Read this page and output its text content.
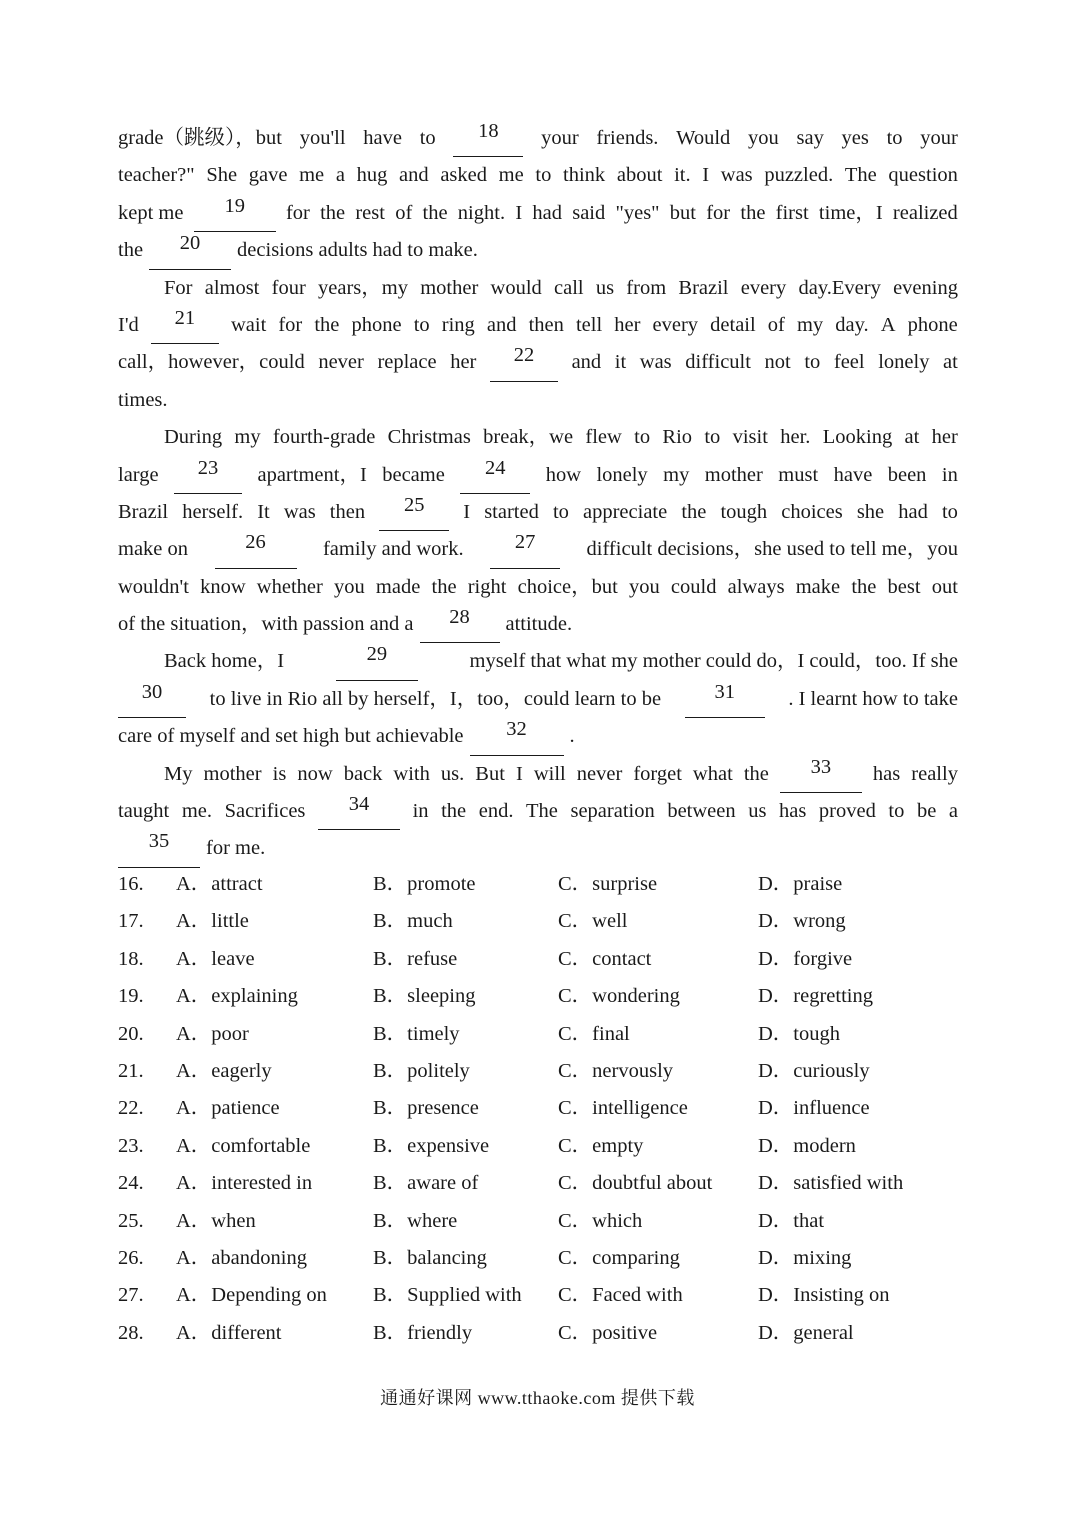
grade（跳级），but you'll have to	18	your friends. Would you say yes to your
teacher?" She gave me a hug and asked me to think about it. I was puzzled. The question
kept me	19	for the rest of the night. I had said "yes" but for the first time，I realized
the	20	decisions adults had to make.
For almost four years，my mother would call us from Brazil every day.Every evening
I'd	21	wait for the phone to ring and then tell her every detail of my day. A phone
call，however，could never replace her	22	and it was difficult not to feel lonely at
times.
During my fourth-grade Christmas break，we flew to Rio to visit her. Looking at her
large	23	apartment，I became	24	how lonely my mother must have been in
Brazil herself. It was then	25	I started to appreciate the tough choices she had to
make on	26	family and work.	27	difficult decisions，she used to tell me，you
wouldn't know whether you made the right choice，but you could always make the best out
of the situation，with passion and a	28	attitude.
Back home，I	29	myself that what my mother could do，I could，too. If she
30	to live in Rio all by herself，I，too，could learn to be	31	. I learnt how to take
care of myself and set high but achievable	32	.
My mother is now back with us. But I will never forget what the	33	has really
taught me. Sacrifices	34	in the end. The separation between us has proved to be a
35	for me.
16. A．attract	B．promote	C．surprise	D．praise
17. A．little	B．much	C．well	D．wrong
18. A．leave	B．refuse	C．contact	D．forgive
19. A．explaining	B．sleeping	C．wondering	D．regretting
20. A．poor	B．timely	C．final	D．tough
21. A．eagerly	B．politely	C．nervously	D．curiously
22. A．patience	B．presence	C．intelligence	D．influence
23. A．comfortable	B．expensive	C．empty	D．modern
24. A．interested in	B．aware of	C．doubtful about D．satisfied with
25. A．when	B．where	C．which	D．that
26. A．abandoning	B．balancing	C．comparing	D．mixing
27. A．Depending on B．Supplied with C．Faced with	D．Insisting on
28. A．different	B．friendly	C．positive	D．general
通通好课网 www.tthaoke.com 提供下载
